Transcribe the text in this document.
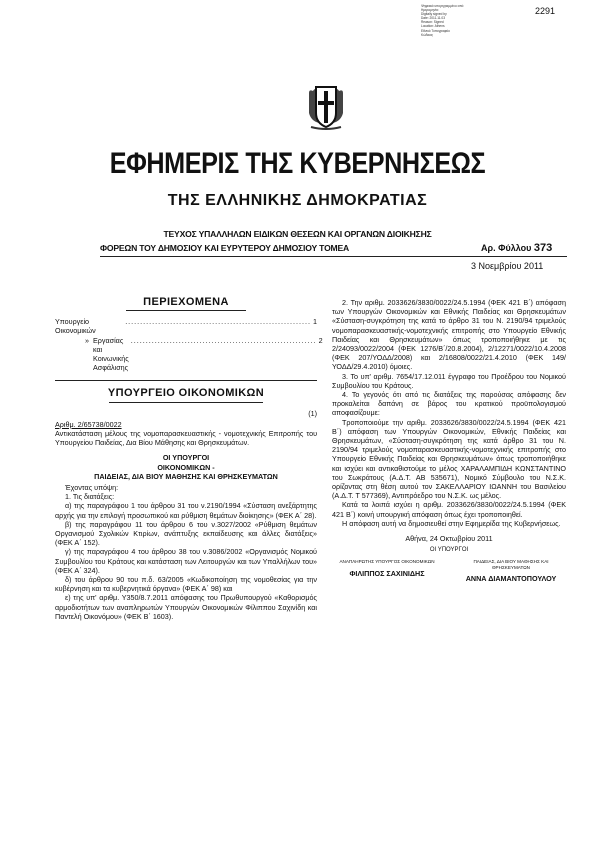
2291
Ψηφιακά υπογεγραμμένο από
Ημερομηνία:
Digitally signed by
Date: 2011.11.03
Reason: Signed
Location: Athens
Εθνικό Τυπογραφείο
Κώδικας
ΕΦΗΜΕΡΙΣ ΤΗΣ ΚΥΒΕΡΝΗΣΕΩΣ
ΤΗΣ ΕΛΛΗΝΙΚΗΣ ΔΗΜΟΚΡΑΤΙΑΣ
ΤΕΥΧΟΣ ΥΠΑΛΛΗΛΩΝ ΕΙΔΙΚΩΝ ΘΕΣΕΩΝ ΚΑΙ ΟΡΓΑΝΩΝ ΔΙΟΙΚΗΣΗΣ
ΦΟΡΕΩΝ ΤΟΥ ΔΗΜΟΣΙΟΥ ΚΑΙ ΕΥΡΥΤΕΡΟΥ ΔΗΜΟΣΙΟΥ ΤΟΜΕΑ	Αρ. Φύλλου 373
3 Νοεμβρίου 2011
ΠΕΡΙΕΧΟΜΕΝΑ
Υπουργείο Οικονομικών
.............................................................. 1
» Εργασίας και Κοινωνικής Ασφάλισης
.............................................................. 2
ΥΠΟΥΡΓΕΙΟ ΟΙΚΟΝΟΜΙΚΩΝ
(1)
Αριθμ. 2/65738/0022
Αντικατάσταση μέλους της νομοπαρασκευαστικής - νομοτεχνικής Επιτροπής του Υπουργείου Παιδείας, Δια Βίου Μάθησης και Θρησκευμάτων.
ΟΙ ΥΠΟΥΡΓΟΙ
ΟΙΚΟΝΟΜΙΚΩΝ -
ΠΑΙΔΕΙΑΣ, ΔΙΑ ΒΙΟΥ ΜΑΘΗΣΗΣ ΚΑΙ ΘΡΗΣΚΕΥΜΑΤΩΝ

Έχοντας υπόψη:

1. Τις διατάξεις:

α) της παραγράφου 1 του άρθρου 31 του ν.2190/1994 «Σύσταση ανεξάρτητης αρχής για την επιλογή προσωπικού και ρύθμιση θεμάτων διοίκησης» (ΦΕΚ Α΄ 28).

β) της παραγράφου 11 του άρθρου 6 του ν.3027/2002 «Ρύθμιση θεμάτων Οργανισμού Σχολικών Κτιρίων, ανάπτυξης εκπαίδευσης και άλλες διατάξεις» (ΦΕΚ Α΄ 152).

γ) της παραγράφου 4 του άρθρου 38 του ν.3086/2002 «Οργανισμός Νομικού Συμβουλίου του Κράτους και κατάσταση των Λειτουργών και των Υπαλλήλων του» (ΦΕΚ Α΄ 324).

δ) του άρθρου 90 του π.δ. 63/2005 «Κωδικοποίηση της νομοθεσίας για την κυβέρνηση και τα κυβερνητικά όργανα» (ΦΕΚ Α΄ 98) και

ε) της υπ' αριθμ. Υ350/8.7.2011 απόφασης του Πρωθυπουργού «Καθορισμός αρμοδιοτήτων των αναπληρωτών Υπουργών Οικονομικών Φίλιππου Σαχινίδη και Παντελή Οικονόμου» (ΦΕΚ Β΄ 1603).

2. Την αριθμ. 2033626/3830/0022/24.5.1994 (ΦΕΚ 421 Β΄) απόφαση των Υπουργών Οικονομικών και Εθνικής Παιδείας και Θρησκευμάτων «Σύσταση-συγκρότηση της κατά το άρθρο 31 του Ν. 2190/94 τριμελούς νομοπαρασκευαστικής-νομοτεχνικής επιτροπής στο Υπουργείο Εθνικής Παιδείας και Θρησκευμάτων» όπως τροποποιήθηκε με τις 2/24093/0022/2004 (ΦΕΚ 1276/Β΄/20.8.2004), 2/12271/0022/10.4.2008 (ΦΕΚ 207/ΥΟΔΔ/2008) και 2/16808/0022/21.4.2010 (ΦΕΚ 149/ΥΟΔΔ/29.4.2010) όμοιες.

3. Το υπ' αριθμ. 7654/17.12.011 έγγραφο του Προέδρου του Νομικού Συμβουλίου του Κράτους.

4. Το γεγονός ότι από τις διατάξεις της παρούσας απόφασης δεν προκαλείται δαπάνη σε βάρος του κρατικού προϋπολογισμού αποφασίζουμε:

Τροποποιούμε την αριθμ. 2033626/3830/0022/24.5.1994 (ΦΕΚ 421 Β΄) απόφαση των Υπουργών Οικονομικών, Εθνικής Παιδείας και Θρησκευμάτων, «Σύσταση-συγκρότηση της κατά άρθρο 31 του Ν. 2190/94 τριμελούς νομοπαρασκευαστικής-νομοτεχνικής επιτροπής στο Υπουργείο Εθνικής Παιδείας και Θρησκευμάτων» όπως τροποποιήθηκε και ισχύει και αντικαθιστούμε το μέλος ΧΑΡΑΛΑΜΠΙΔΗ ΚΩΝΣΤΑΝΤΙΝΟ του Σωκράτους (Α.Δ.Τ. ΑΒ 535671), Νομικό Σύμβουλο του Ν.Σ.Κ. ορίζοντας στη θέση αυτού τον ΣΑΚΕΛΛΑΡΙΟΥ ΙΩΑΝΝΗ του Βασιλείου (Α.Δ.Τ. Τ 577369), Αντιπρόεδρο του Ν.Σ.Κ. ως μέλος.

Κατά τα λοιπά ισχύει η αριθμ. 2033626/3830/0022/24.5.1994 (ΦΕΚ 421 Β΄) κοινή υπουργική απόφαση όπως έχει τροποποιηθεί.

Η απόφαση αυτή να δημοσιευθεί στην Εφημερίδα της Κυβερνήσεως.

Αθήνα, 24 Οκτωβρίου 2011
ΟΙ ΥΠΟΥΡΓΟΙ
ΑΝΑΠΛΗΡΩΤΗΣ ΥΠΟΥΡΓΟΣ ΟΙΚΟΝΟΜΙΚΩΝ
ΦΙΛΙΠΠΟΣ ΣΑΧΙΝΙΔΗΣ
ΠΑΙΔΕΙΑΣ, ΔΙΑ ΒΙΟΥ ΜΑΘΗΣΗΣ ΚΑΙ ΘΡΗΣΚΕΥΜΑΤΩΝ
ΑΝΝΑ ΔΙΑΜΑΝΤΟΠΟΥΛΟΥ
